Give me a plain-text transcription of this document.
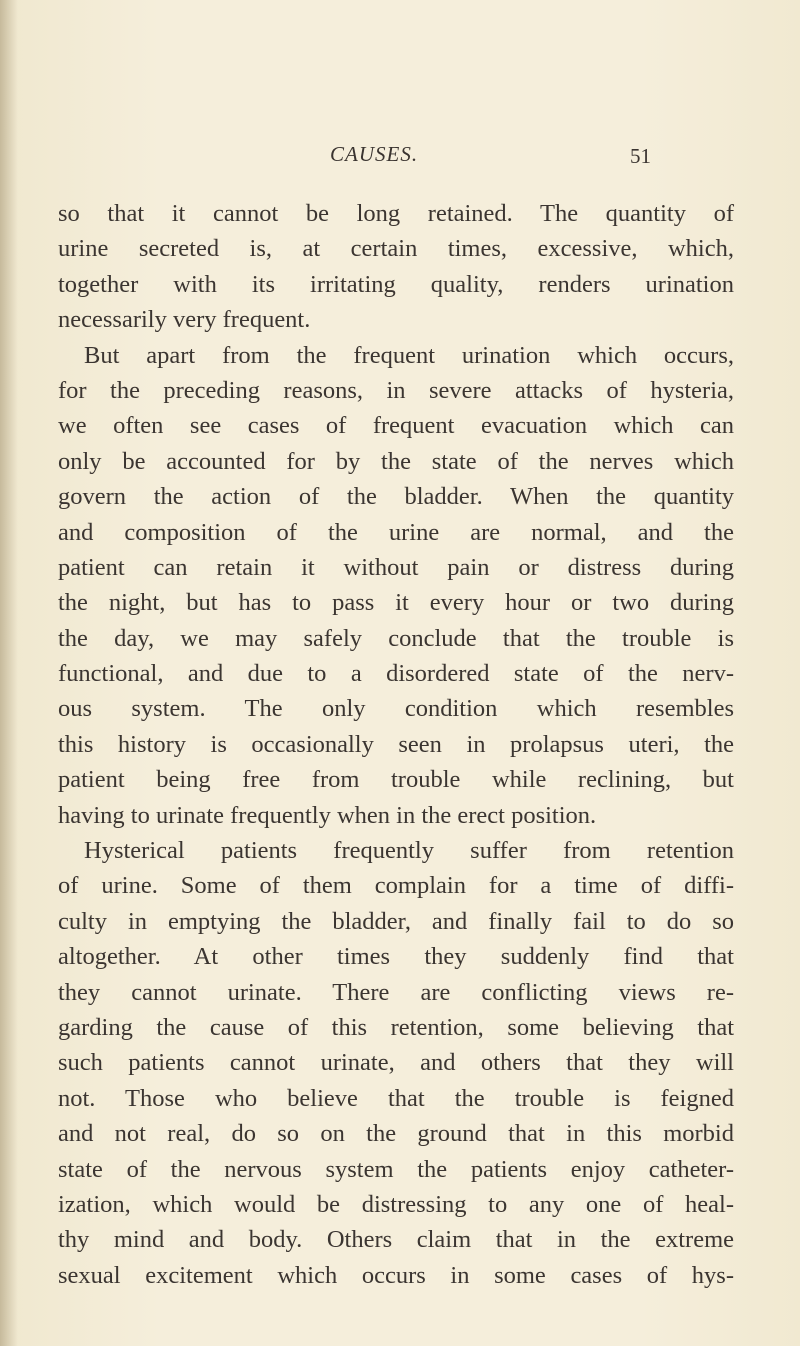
CAUSES.	51
so that it cannot be long retained. The quantity of
urine secreted is, at certain times, excessive, which,
together with its irritating quality, renders urination
necessarily very frequent.
But apart from the frequent urination which occurs,
for the preceding reasons, in severe attacks of hysteria,
we often see cases of frequent evacuation which can
only be accounted for by the state of the nerves which
govern the action of the bladder. When the quantity
and composition of the urine are normal, and the
patient can retain it without pain or distress during
the night, but has to pass it every hour or two during
the day, we may safely conclude that the trouble is
functional, and due to a disordered state of the nerv-
ous system. The only condition which resembles
this history is occasionally seen in prolapsus uteri, the
patient being free from trouble while reclining, but
having to urinate frequently when in the erect position.
Hysterical patients frequently suffer from retention
of urine. Some of them complain for a time of diffi-
culty in emptying the bladder, and finally fail to do so
altogether. At other times they suddenly find that
they cannot urinate. There are conflicting views re-
garding the cause of this retention, some believing that
such patients cannot urinate, and others that they will
not. Those who believe that the trouble is feigned
and not real, do so on the ground that in this morbid
state of the nervous system the patients enjoy catheter-
ization, which would be distressing to any one of heal-
thy mind and body. Others claim that in the extreme
sexual excitement which occurs in some cases of hys-
